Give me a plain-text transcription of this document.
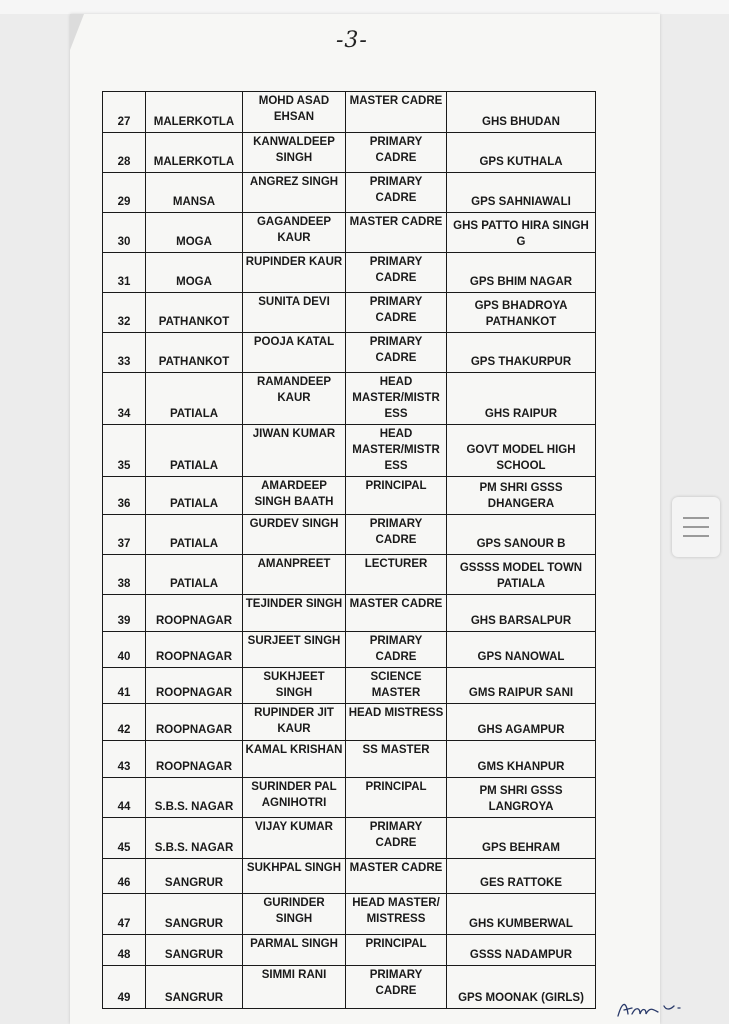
-3-
27	MALERKOTLA	MOHD ASAD EHSAN	MASTER CADRE	GHS BHUDAN
28	MALERKOTLA	KANWALDEEP SINGH	PRIMARY CADRE	GPS KUTHALA
29	MANSA	ANGREZ SINGH	PRIMARY CADRE	GPS SAHNIAWALI
30	MOGA	GAGANDEEP KAUR	MASTER CADRE	GHS PATTO HIRA SINGH G
31	MOGA	RUPINDER KAUR	PRIMARY CADRE	GPS BHIM NAGAR
32	PATHANKOT	SUNITA DEVI	PRIMARY CADRE	GPS BHADROYA PATHANKOT
33	PATHANKOT	POOJA KATAL	PRIMARY CADRE	GPS THAKURPUR
34	PATIALA	RAMANDEEP KAUR	HEAD MASTER/MISTR ESS	GHS RAIPUR
35	PATIALA	JIWAN KUMAR	HEAD MASTER/MISTR ESS	GOVT MODEL HIGH SCHOOL
36	PATIALA	AMARDEEP SINGH BAATH	PRINCIPAL	PM SHRI GSSS DHANGERA
37	PATIALA	GURDEV SINGH	PRIMARY CADRE	GPS SANOUR B
38	PATIALA	AMANPREET	LECTURER	GSSSS MODEL TOWN PATIALA
39	ROOPNAGAR	TEJINDER SINGH	MASTER CADRE	GHS BARSALPUR
40	ROOPNAGAR	SURJEET SINGH	PRIMARY CADRE	GPS NANOWAL
41	ROOPNAGAR	SUKHJEET SINGH	SCIENCE MASTER	GMS RAIPUR SANI
42	ROOPNAGAR	RUPINDER JIT KAUR	HEAD MISTRESS	GHS AGAMPUR
43	ROOPNAGAR	KAMAL KRISHAN	SS MASTER	GMS KHANPUR
44	S.B.S. NAGAR	SURINDER PAL AGNIHOTRI	PRINCIPAL	PM SHRI GSSS LANGROYA
45	S.B.S. NAGAR	VIJAY KUMAR	PRIMARY CADRE	GPS BEHRAM
46	SANGRUR	SUKHPAL SINGH	MASTER CADRE	GES RATTOKE
47	SANGRUR	GURINDER SINGH	HEAD MASTER/ MISTRESS	GHS KUMBERWAL
48	SANGRUR	PARMAL SINGH	PRINCIPAL	GSSS NADAMPUR
49	SANGRUR	SIMMI RANI	PRIMARY CADRE	GPS MOONAK (GIRLS)
